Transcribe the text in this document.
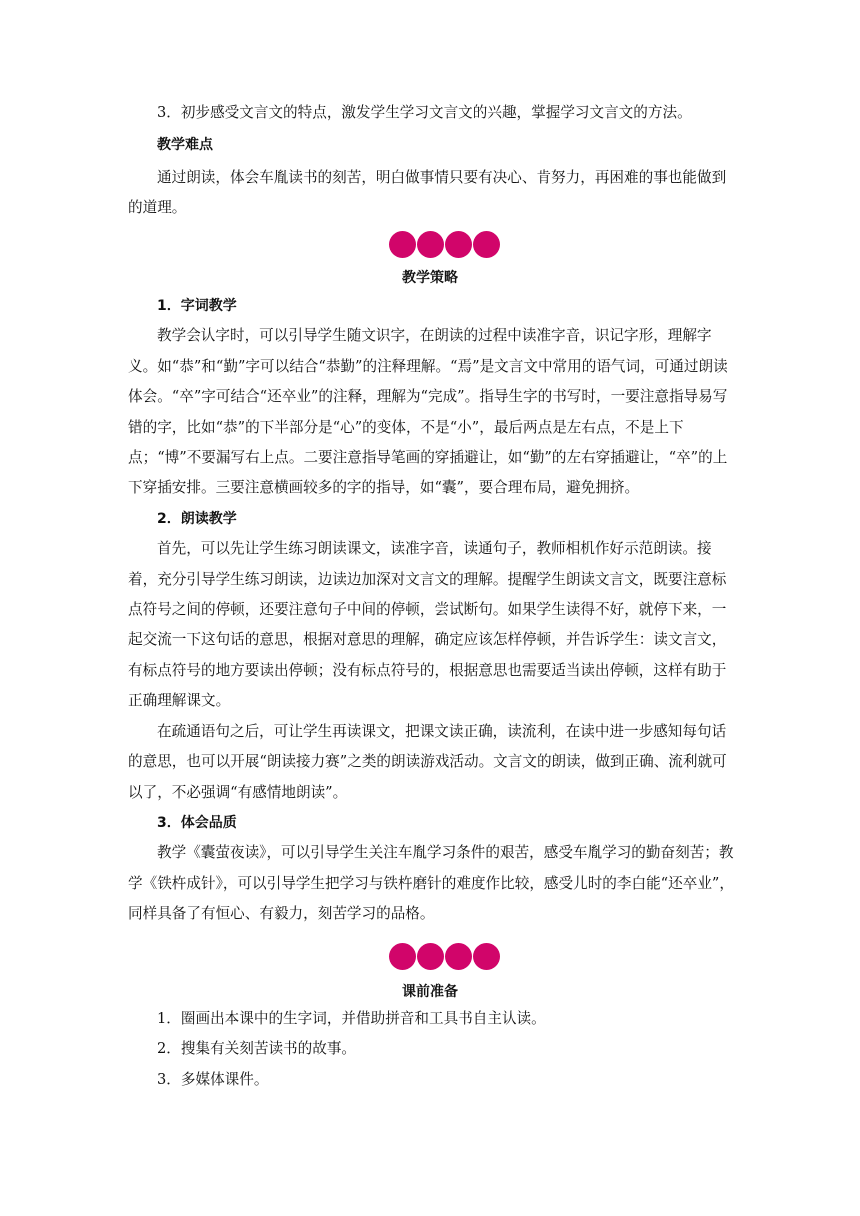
3．初步感受文言文的特点，激发学生学习文言文的兴趣，掌握学习文言文的方法。

教学难点

通过朗读，体会车胤读书的刻苦，明白做事情只要有决心、肯努力，再困难的事也能做到的道理。

教学策略

1．字词教学

教学会认字时，可以引导学生随文识字，在朗读的过程中读准字音，识记字形，理解字义。如“恭”和“勤”字可以结合“恭勤”的注释理解。“焉”是文言文中常用的语气词，可通过朗读体会。“卒”字可结合“还卒业”的注释，理解为“完成”。指导生字的书写时，一要注意指导易写错的字，比如“恭”的下半部分是“心”的变体，不是“小”，最后两点是左右点，不是上下点；“博”不要漏写右上点。二要注意指导笔画的穿插避让，如“勤”的左右穿插避让，“卒”的上下穿插安排。三要注意横画较多的字的指导，如“囊”，要合理布局，避免拥挤。

2．朗读教学

首先，可以先让学生练习朗读课文，读准字音，读通句子，教师相机作好示范朗读。接着，充分引导学生练习朗读，边读边加深对文言文的理解。提醒学生朗读文言文，既要注意标点符号之间的停顿，还要注意句子中间的停顿，尝试断句。如果学生读得不好，就停下来，一起交流一下这句话的意思，根据对意思的理解，确定应该怎样停顿，并告诉学生：读文言文，有标点符号的地方要读出停顿；没有标点符号的，根据意思也需要适当读出停顿，这样有助于正确理解课文。

在疏通语句之后，可让学生再读课文，把课文读正确，读流利，在读中进一步感知每句话的意思，也可以开展“朗读接力赛”之类的朗读游戏活动。文言文的朗读，做到正确、流利就可以了，不必强调“有感情地朗读”。

3．体会品质

教学《囊萤夜读》，可以引导学生关注车胤学习条件的艰苦，感受车胤学习的勤奋刻苦；教学《铁杵成针》，可以引导学生把学习与铁杵磨针的难度作比较，感受儿时的李白能“还卒业”，同样具备了有恒心、有毅力，刻苦学习的品格。

课前准备

1．圈画出本课中的生字词，并借助拼音和工具书自主认读。

2．搜集有关刻苦读书的故事。

3．多媒体课件。
